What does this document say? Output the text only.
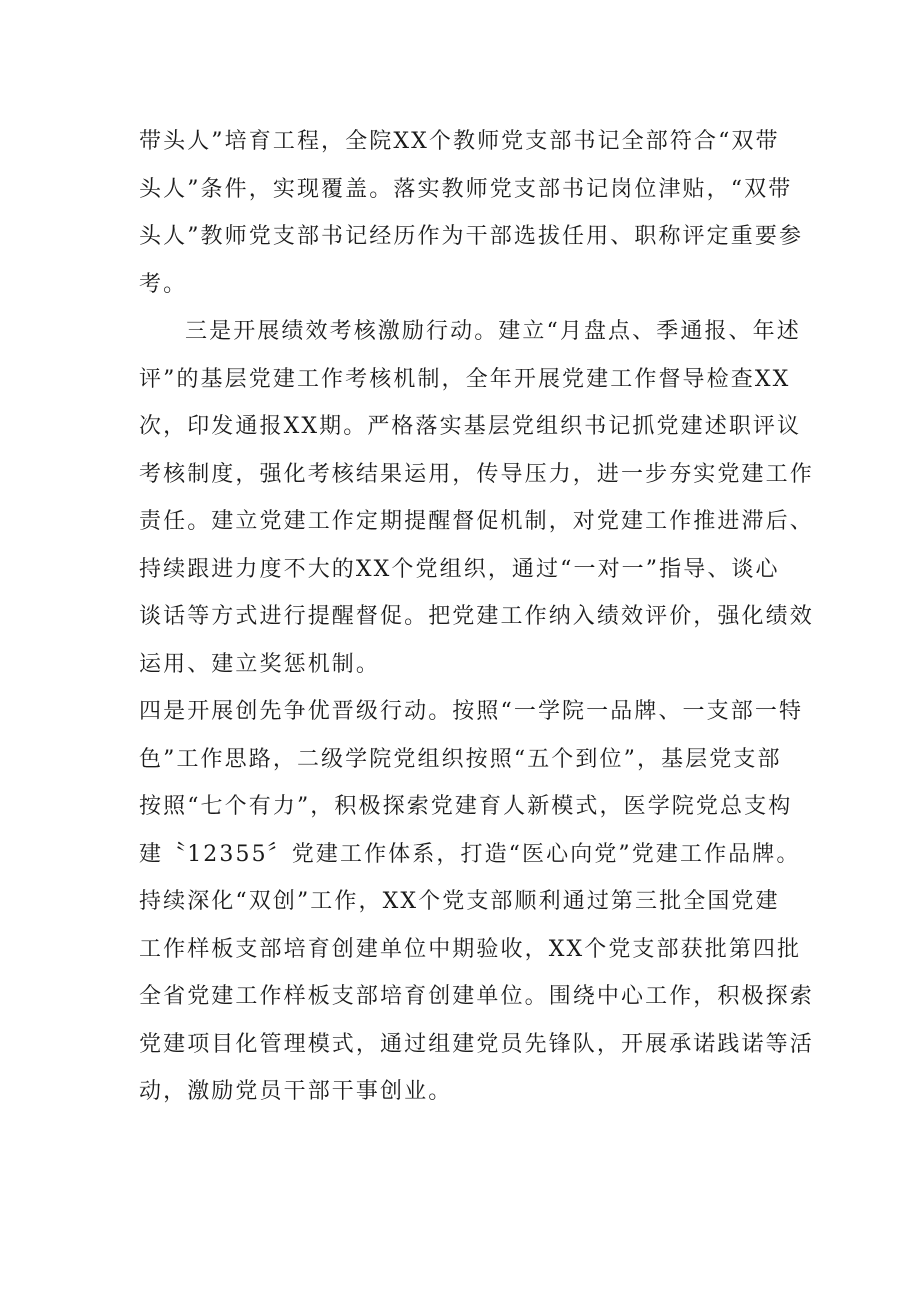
带头人”培育工程，全院XX个教师党支部书记全部符合“双带
头人”条件，实现覆盖。落实教师党支部书记岗位津贴，“双带
头人”教师党支部书记经历作为干部选拔任用、职称评定重要参
考。
三是开展绩效考核激励行动。建立“月盘点、季通报、年述
评”的基层党建工作考核机制，全年开展党建工作督导检查XX
次，印发通报XX期。严格落实基层党组织书记抓党建述职评议
考核制度，强化考核结果运用，传导压力，进一步夯实党建工作
责任。建立党建工作定期提醒督促机制，对党建工作推进滞后、
持续跟进力度不大的XX个党组织，通过“一对一”指导、谈心
谈话等方式进行提醒督促。把党建工作纳入绩效评价，强化绩效
运用、建立奖惩机制。
四是开展创先争优晋级行动。按照“一学院一品牌、一支部一特
色”工作思路，二级学院党组织按照“五个到位”，基层党支部
按照“七个有力”，积极探索党建育人新模式，医学院党总支构
建〝12355〞党建工作体系，打造“医心向党”党建工作品牌。
持续深化“双创”工作，XX个党支部顺利通过第三批全国党建
工作样板支部培育创建单位中期验收，XX个党支部获批第四批
全省党建工作样板支部培育创建单位。围绕中心工作，积极探索
党建项目化管理模式，通过组建党员先锋队，开展承诺践诺等活
动，激励党员干部干事创业。
